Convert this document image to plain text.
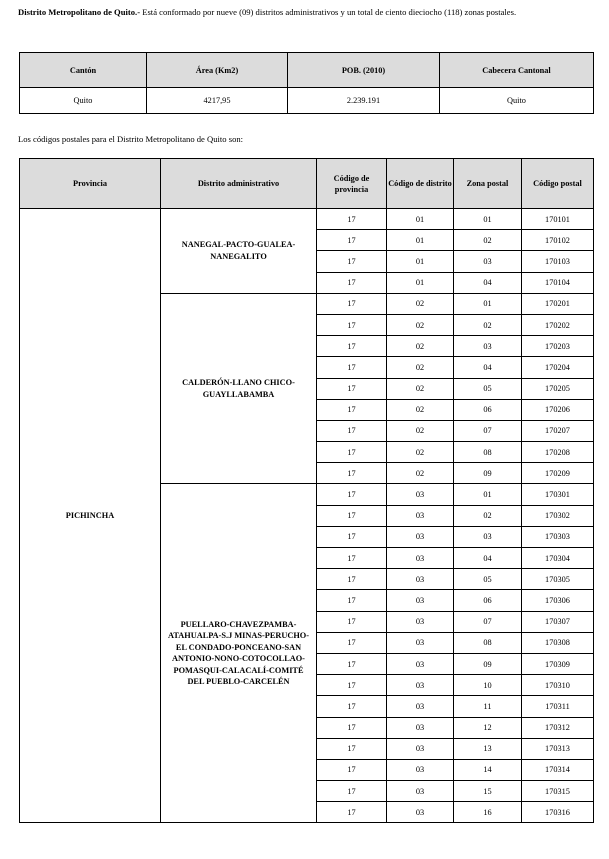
Distrito Metropolitano de Quito.- Está conformado por nueve (09) distritos administrativos y un total de ciento dieciocho (118) zonas postales.
Cantón	Área (Km2)	POB. (2010)	Cabecera Cantonal
Quito	4217,95	2.239.191	Quito
Los códigos postales para el Distrito Metropolitano de Quito son:
Provincia	Distrito administrativo	Código de provincia	Código de distrito	Zona postal	Código postal
PICHINCHA	NANEGAL-PACTO-GUALEA- NANEGALITO	17	01	01	170101
		17	01	02	170102
		17	01	03	170103
		17	01	04	170104
	CALDERÓN-LLANO CHICO-GUAYLLABAMBA	17	02	01	170201
		17	02	02	170202
		17	02	03	170203
		17	02	04	170204
		17	02	05	170205
		17	02	06	170206
		17	02	07	170207
		17	02	08	170208
		17	02	09	170209
	PUELLARO-CHAVEZPAMBA-ATAHUALPA-S.J MINAS-PERUCHO-EL CONDADO-PONCEANO-SAN ANTONIO-NONO-COTOCOLLAO-POMASQUI-CALACALÍ-COMITÉ DEL PUEBLO-CARCELÉN	17	03	01	170301
		17	03	02	170302
		17	03	03	170303
		17	03	04	170304
		17	03	05	170305
		17	03	06	170306
		17	03	07	170307
		17	03	08	170308
		17	03	09	170309
		17	03	10	170310
		17	03	11	170311
		17	03	12	170312
		17	03	13	170313
		17	03	14	170314
		17	03	15	170315
		17	03	16	170316
